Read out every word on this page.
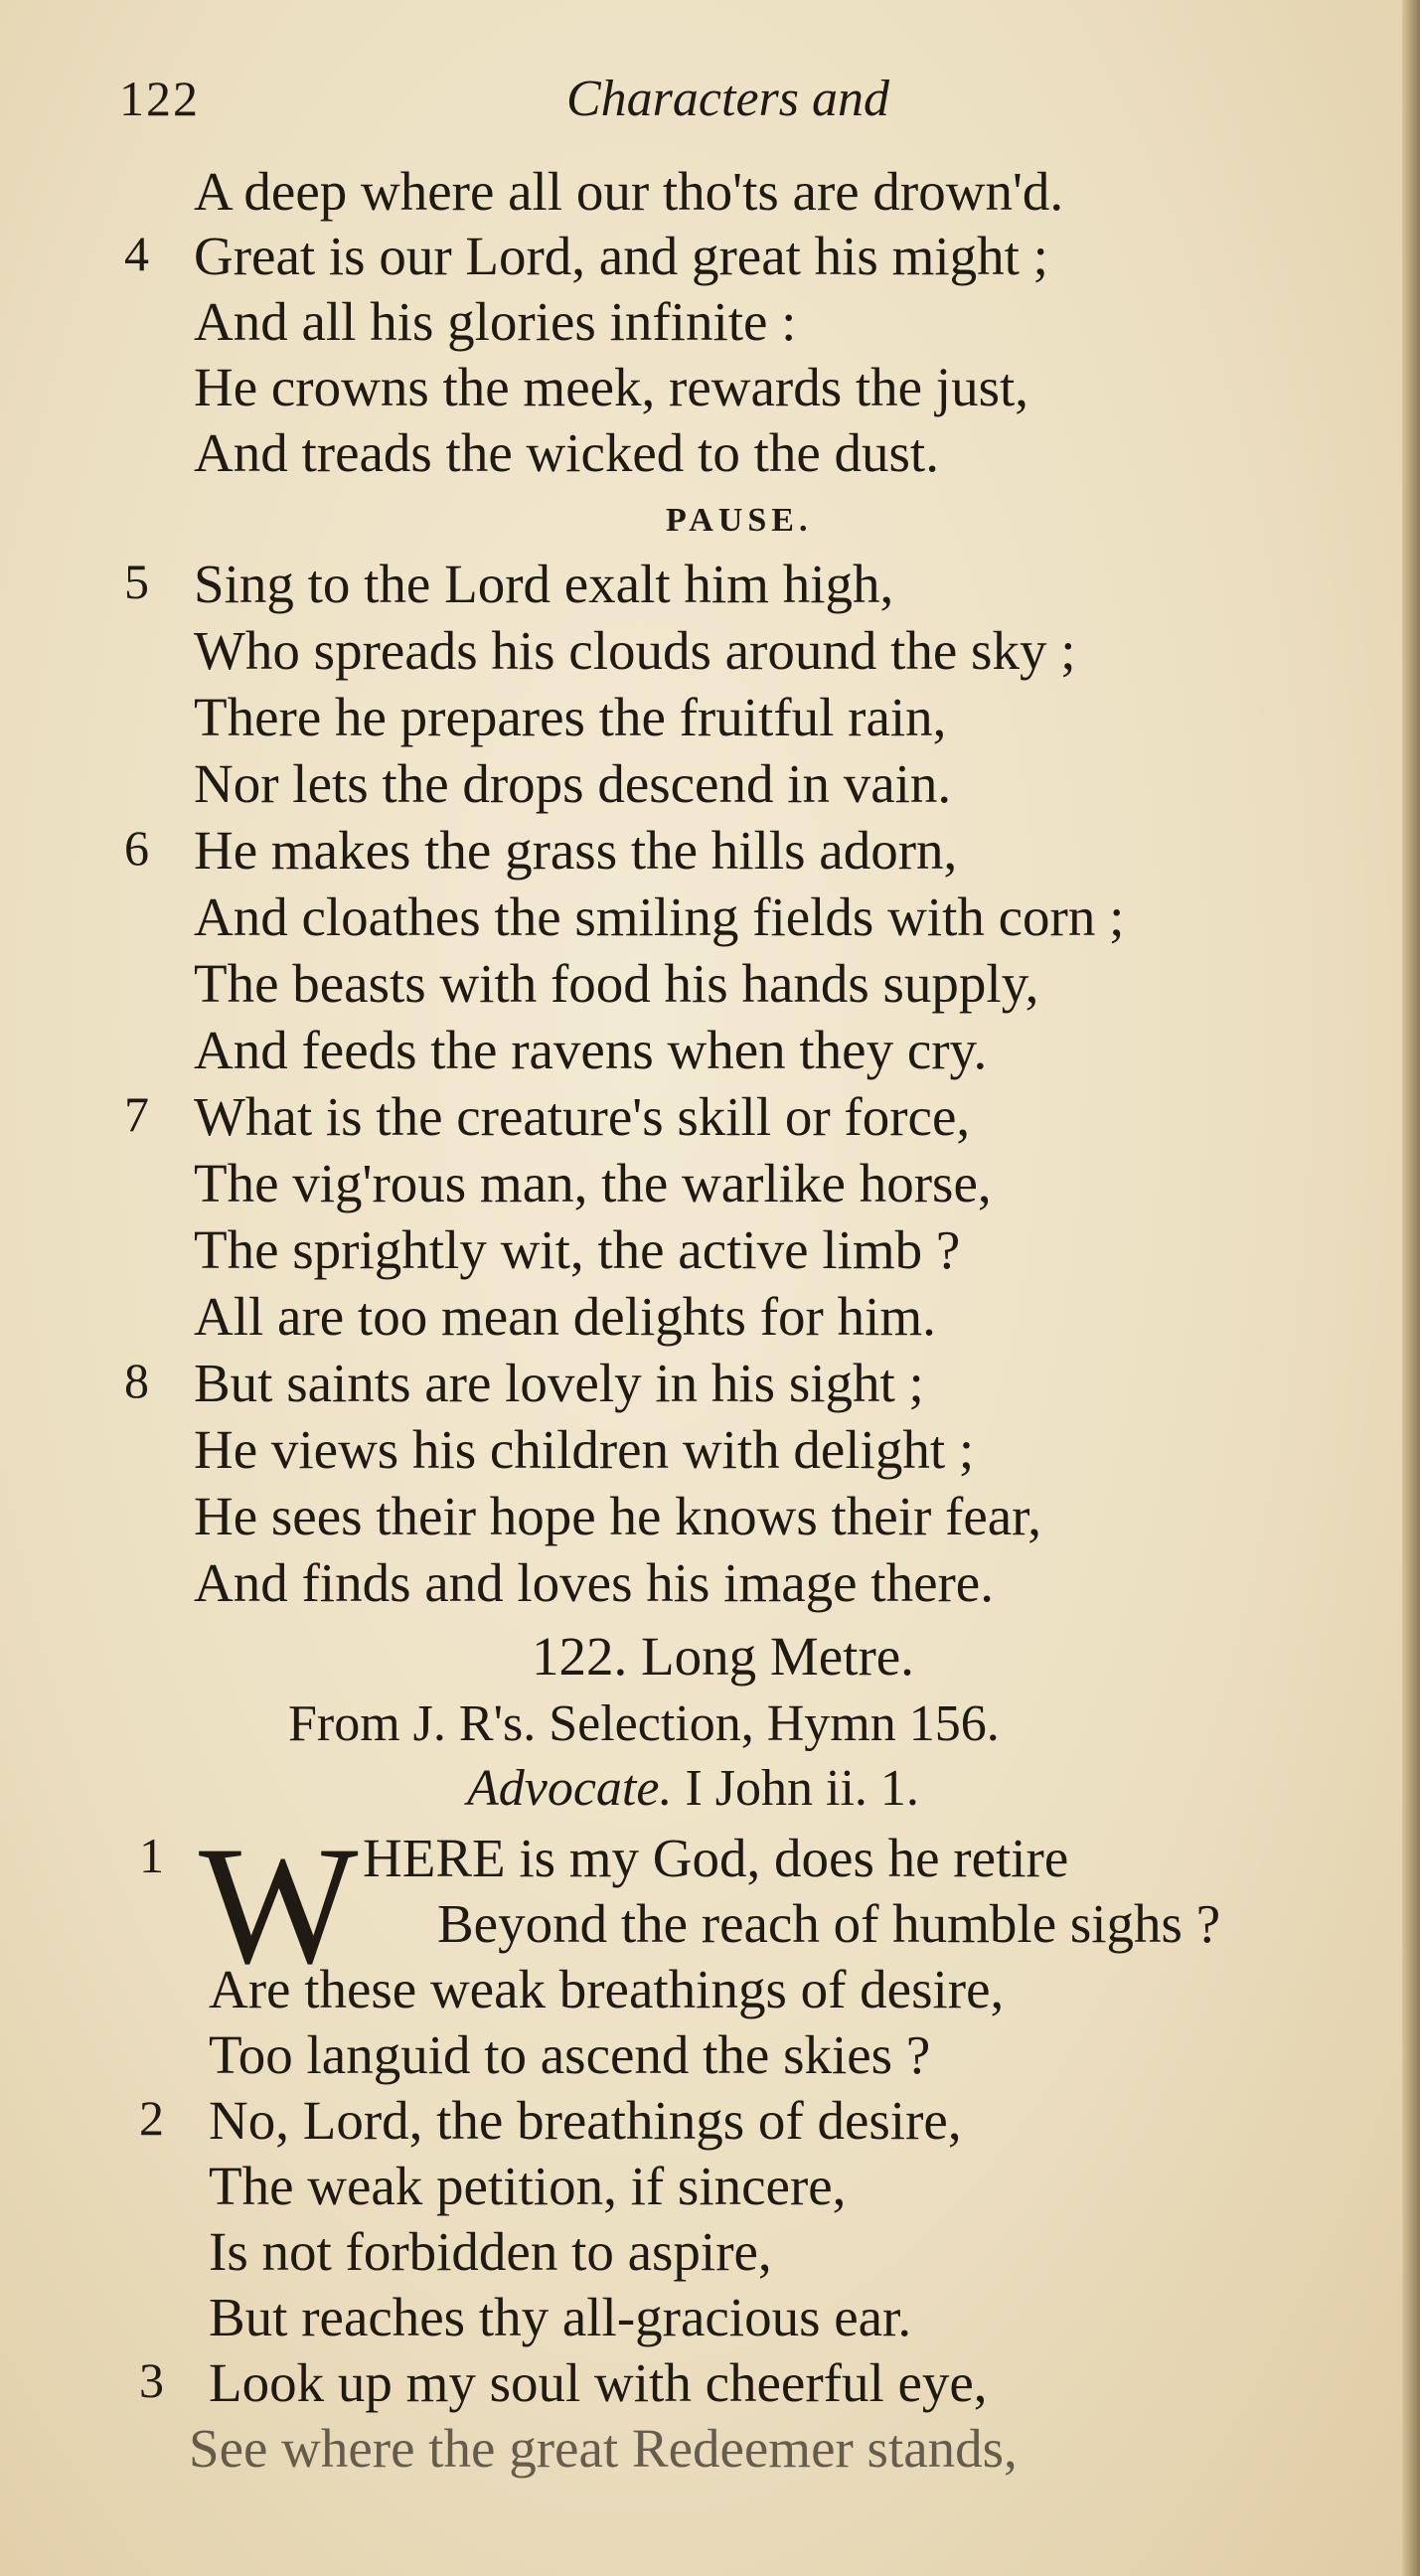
122	Characters and
A deep where all our tho'ts are drown'd.
4 Great is our Lord, and great his might ;
And all his glories infinite :
He crowns the meek, rewards the just,
And treads the wicked to the dust.
PAUSE.
5 Sing to the Lord exalt him high,
Who spreads his clouds around the sky ;
There he prepares the fruitful rain,
Nor lets the drops descend in vain.
6 He makes the grass the hills adorn,
And cloathes the smiling fields with corn ;
The beasts with food his hands supply,
And feeds the ravens when they cry.
7 What is the creature's skill or force,
The vig'rous man, the warlike horse,
The sprightly wit, the active limb ?
All are too mean delights for him.
8 But saints are lovely in his sight ;
He views his children with delight ;
He sees their hope he knows their fear,
And finds and loves his image there.
122. Long Metre.
From J. R's. Selection, Hymn 156.
Advocate. I John ii. 1.
1 W HERE is my God, does he retire
Beyond the reach of humble sighs ?
Are these weak breathings of desire,
Too languid to ascend the skies ?
2 No, Lord, the breathings of desire,
The weak petition, if sincere,
Is not forbidden to aspire,
But reaches thy all-gracious ear.
3 Look up my soul with cheerful eye,
See where the great Redeemer stands,
